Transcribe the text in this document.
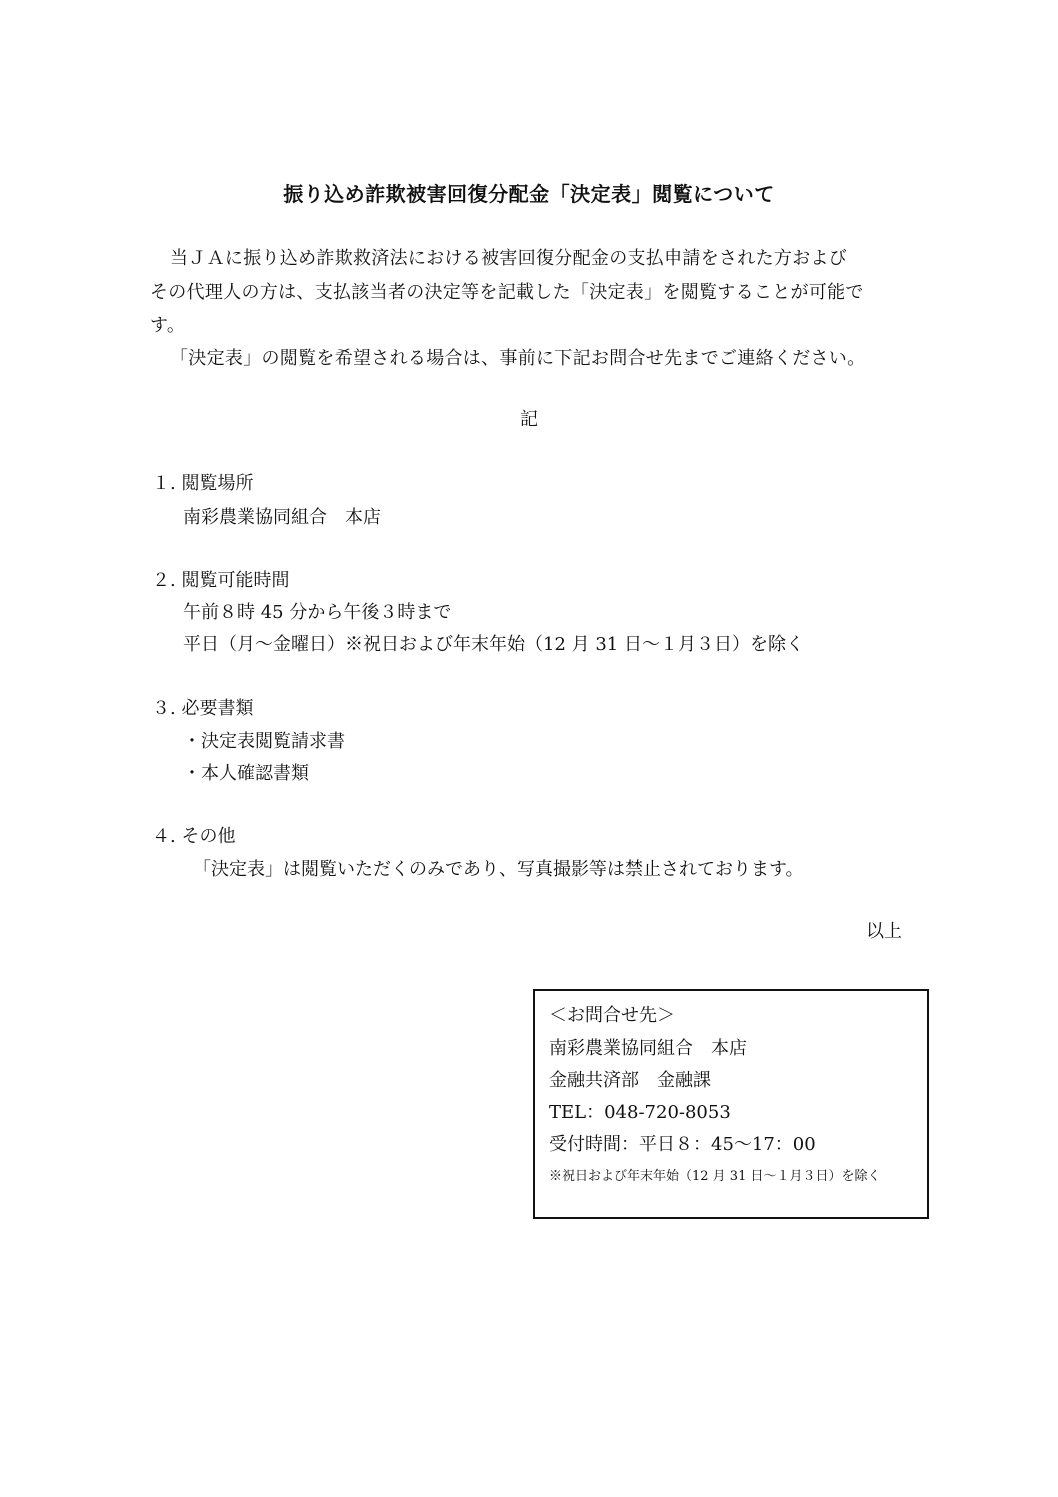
振り込め詐欺被害回復分配金「決定表」閲覧について
当ＪＡに振り込め詐欺救済法における被害回復分配金の支払申請をされた方および
その代理人の方は、支払該当者の決定等を記載した「決定表」を閲覧することが可能で
す。
「決定表」の閲覧を希望される場合は、事前に下記お問合せ先までご連絡ください。
記
１. 閲覧場所
南彩農業協同組合　本店
２. 閲覧可能時間
午前８時 45 分から午後３時まで
平日（月～金曜日）※祝日および年末年始（12 月 31 日～１月３日）を除く
３. 必要書類
・決定表閲覧請求書
・本人確認書類
４. その他
「決定表」は閲覧いただくのみであり、写真撮影等は禁止されております。
以上
＜お問合せ先＞
南彩農業協同組合　本店
金融共済部　金融課
TEL：048-720-8053
受付時間：平日８：45～17：00
※祝日および年末年始（12 月 31 日～１月３日）を除く
